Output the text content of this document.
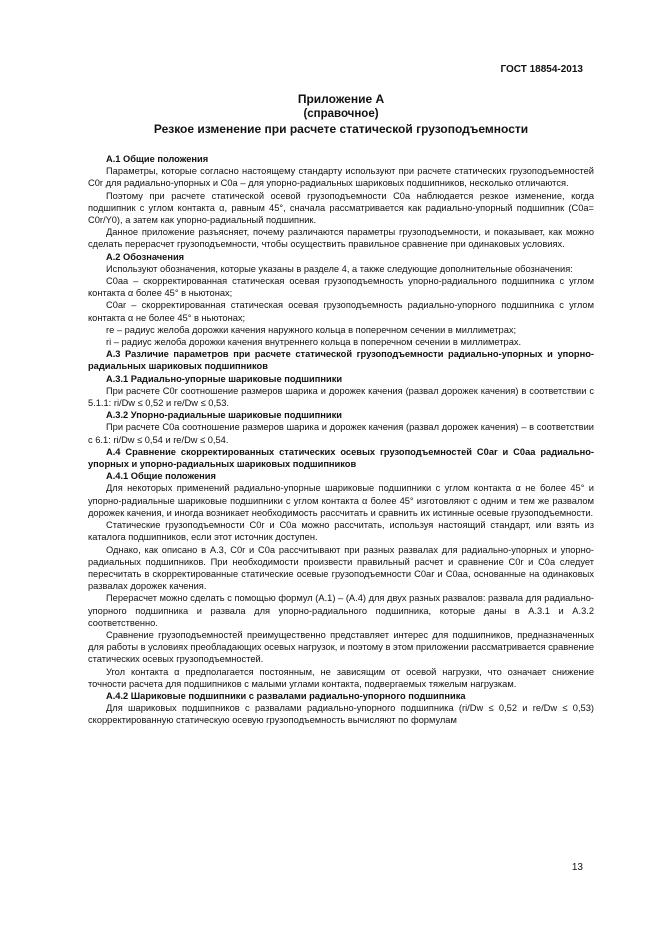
ГОСТ 18854-2013
Приложение А
(справочное)
Резкое изменение при расчете статической грузоподъемности

А.1 Общие положения

Параметры, которые согласно настоящему стандарту используют при расчете статических грузоподъемностей C0r для радиально-упорных и C0a – для упорно-радиальных шариковых подшипников, несколько отличаются.

Поэтому при расчете статической осевой грузоподъемности C0a наблюдается резкое изменение, когда подшипник с углом контакта α, равным 45°, сначала рассматривается как радиально-упорный подшипник (C0a= C0r/Y0), а затем как упорно-радиальный подшипник.

Данное приложение разъясняет, почему различаются параметры грузоподъемности, и показывает, как можно сделать перерасчет грузоподъемности, чтобы осуществить правильное сравнение при одинаковых условиях.

А.2 Обозначения

Используют обозначения, которые указаны в разделе 4, а также следующие дополнительные обозначения:

C0aa – скорректированная статическая осевая грузоподъемность упорно-радиального подшипника с углом контакта α более 45° в ньютонах;

C0ar – скорректированная статическая осевая грузоподъемность радиально-упорного подшипника с углом контакта α не более 45° в ньютонах;

re – радиус желоба дорожки качения наружного кольца в поперечном сечении в миллиметрах;

ri – радиус желоба дорожки качения внутреннего кольца в поперечном сечении в миллиметрах.

А.3 Различие параметров при расчете статической грузоподъемности радиально-упорных и упорно-радиальных шариковых подшипников

А.3.1 Радиально-упорные шариковые подшипники

При расчете C0r соотношение размеров шарика и дорожек качения (развал дорожек качения) в соответствии с 5.1.1: ri/Dw ≤ 0,52 и re/Dw ≤ 0,53.

А.3.2 Упорно-радиальные шариковые подшипники

При расчете C0a соотношение размеров шарика и дорожек качения (развал дорожек качения) – в соответствии с 6.1: ri/Dw ≤ 0,54 и re/Dw ≤ 0,54.

А.4 Сравнение скорректированных статических осевых грузоподъемностей C0ar и C0aa радиально-упорных и упорно-радиальных шариковых подшипников

А.4.1 Общие положения

Для некоторых применений радиально-упорные шариковые подшипники с углом контакта α не более 45° и упорно-радиальные шариковые подшипники с углом контакта α более 45° изготовляют с одним и тем же развалом дорожек качения, и иногда возникает необходимость рассчитать и сравнить их истинные осевые грузоподъемности.

Статические грузоподъемности C0r и C0a можно рассчитать, используя настоящий стандарт, или взять из каталога подшипников, если этот источник доступен.

Однако, как описано в А.3, C0r и C0a рассчитывают при разных развалах для радиально-упорных и упорно-радиальных подшипников. При необходимости произвести правильный расчет и сравнение C0r и C0a следует пересчитать в скорректированные статические осевые грузоподъемности C0ar и C0aa, основанные на одинаковых развалах дорожек качения.

Перерасчет можно сделать с помощью формул (А.1) – (А.4) для двух разных развалов: развала для радиально-упорного подшипника и развала для упорно-радиального подшипника, которые даны в А.3.1 и А.3.2 соответственно.

Сравнение грузоподъемностей преимущественно представляет интерес для подшипников, предназначенных для работы в условиях преобладающих осевых нагрузок, и поэтому в этом приложении рассматривается сравнение статических осевых грузоподъемностей.

Угол контакта α предполагается постоянным, не зависящим от осевой нагрузки, что означает снижение точности расчета для подшипников с малыми углами контакта, подвергаемых тяжелым нагрузкам.

А.4.2 Шариковые подшипники с развалами радиально-упорного подшипника

Для шариковых подшипников с развалами радиально-упорного подшипника (ri/Dw ≤ 0,52 и re/Dw ≤ 0,53) скорректированную статическую осевую грузоподъемность вычисляют по формулам

13
